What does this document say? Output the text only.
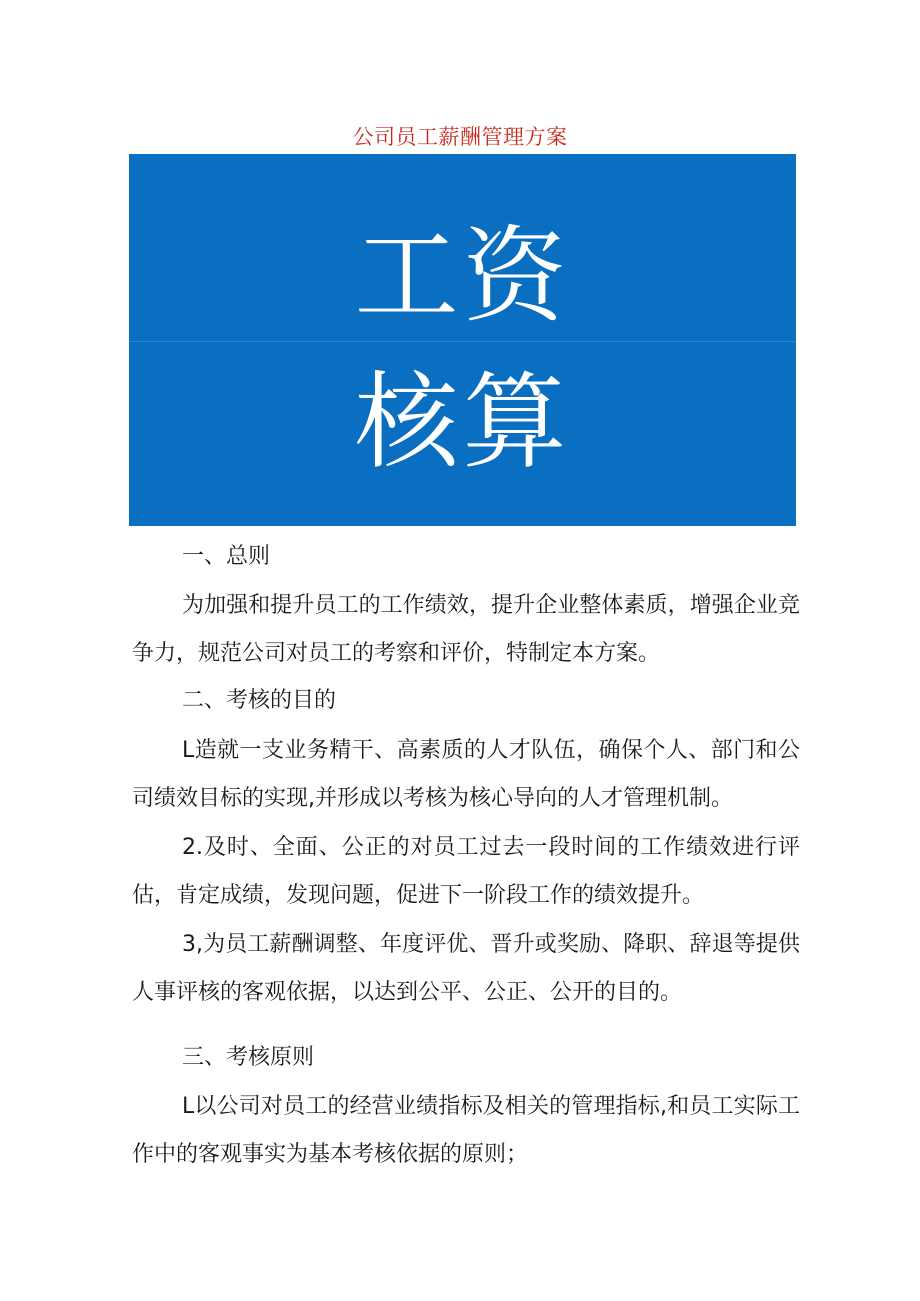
公司员工薪酬管理方案
工资
核算
一、总则
为加强和提升员工的工作绩效，提升企业整体素质，增强企业竞争力，规范公司对员工的考察和评价，特制定本方案。
二、考核的目的
L造就一支业务精干、高素质的人才队伍，确保个人、部门和公司绩效目标的实现,并形成以考核为核心导向的人才管理机制。
2.及时、全面、公正的对员工过去一段时间的工作绩效进行评估，肯定成绩，发现问题，促进下一阶段工作的绩效提升。
3,为员工薪酬调整、年度评优、晋升或奖励、降职、辞退等提供人事评核的客观依据，以达到公平、公正、公开的目的。
三、考核原则
L以公司对员工的经营业绩指标及相关的管理指标,和员工实际工作中的客观事实为基本考核依据的原则；
